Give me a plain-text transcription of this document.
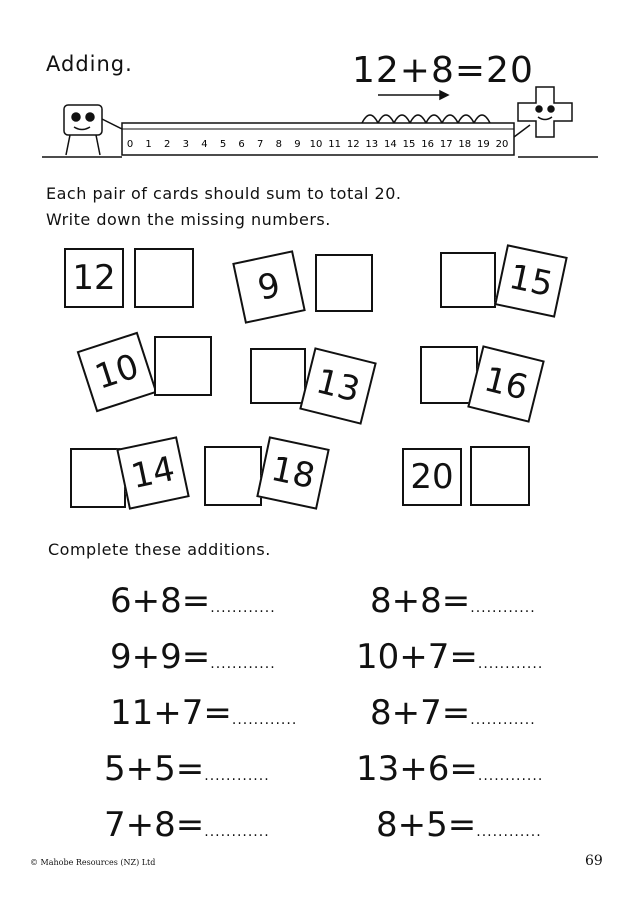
Adding.	12+8=20
0 1 2 3 4 5 6 7 8 9 10 11 12 13 14 15 16 17 18 19 20
Each pair of cards should sum to total 20.
Write down the missing numbers.
12	9	15
10	13	16
14	18	20
Complete these additions.
6+8=............
9+9=............
11+7=............
5+5=............
7+8=............
8+8=............
10+7=............
8+7=............
13+6=............
8+5=............
© Mahobe Resources (NZ) Ltd	69
